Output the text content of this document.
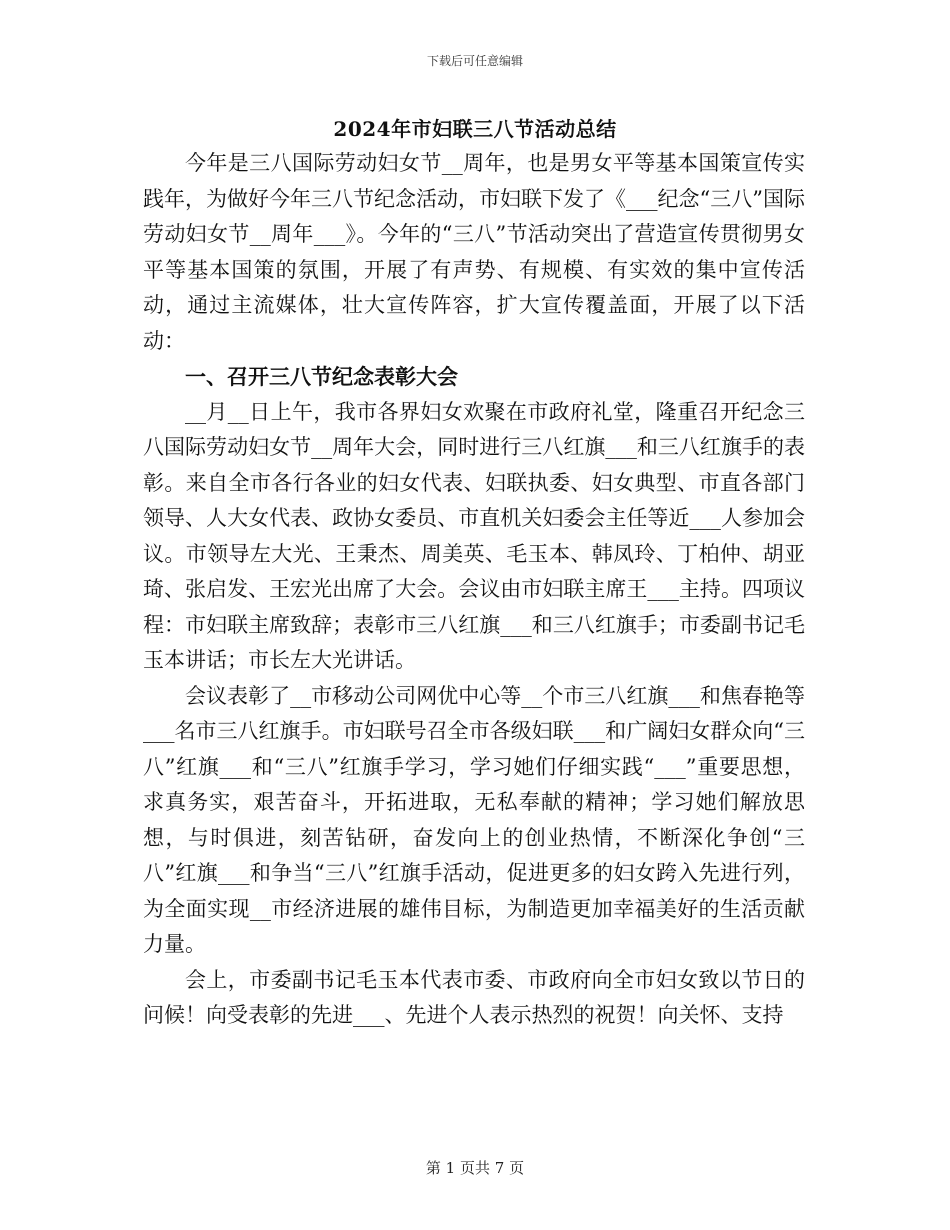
下载后可任意编辑
2024年市妇联三八节活动总结

今年是三八国际劳动妇女节__周年，也是男女平等基本国策宣传实践年，为做好今年三八节纪念活动，市妇联下发了《___纪念“三八”国际劳动妇女节__周年___》。今年的“三八”节活动突出了营造宣传贯彻男女平等基本国策的氛围，开展了有声势、有规模、有实效的集中宣传活动，通过主流媒体，壮大宣传阵容，扩大宣传覆盖面，开展了以下活动：

一、召开三八节纪念表彰大会

__月__日上午，我市各界妇女欢聚在市政府礼堂，隆重召开纪念三八国际劳动妇女节__周年大会，同时进行三八红旗___和三八红旗手的表彰。来自全市各行各业的妇女代表、妇联执委、妇女典型、市直各部门领导、人大女代表、政协女委员、市直机关妇委会主任等近___人参加会议。市领导左大光、王秉杰、周美英、毛玉本、韩凤玲、丁柏仲、胡亚琦、张启发、王宏光出席了大会。会议由市妇联主席王___主持。四项议程：市妇联主席致辞；表彰市三八红旗___和三八红旗手；市委副书记毛玉本讲话；市长左大光讲话。

会议表彰了__市移动公司网优中心等__个市三八红旗___和焦春艳等___名市三八红旗手。市妇联号召全市各级妇联___和广阔妇女群众向“三八”红旗___和“三八”红旗手学习，学习她们仔细实践“___”重要思想，求真务实，艰苦奋斗，开拓进取，无私奉献的精神；学习她们解放思想，与时俱进，刻苦钻研，奋发向上的创业热情，不断深化争创“三八”红旗___和争当“三八”红旗手活动，促进更多的妇女跨入先进行列，为全面实现__市经济进展的雄伟目标，为制造更加幸福美好的生活贡献力量。

会上，市委副书记毛玉本代表市委、市政府向全市妇女致以节日的问候！向受表彰的先进___、先进个人表示热烈的祝贺！向关怀、支持

第 1 页共 7 页
